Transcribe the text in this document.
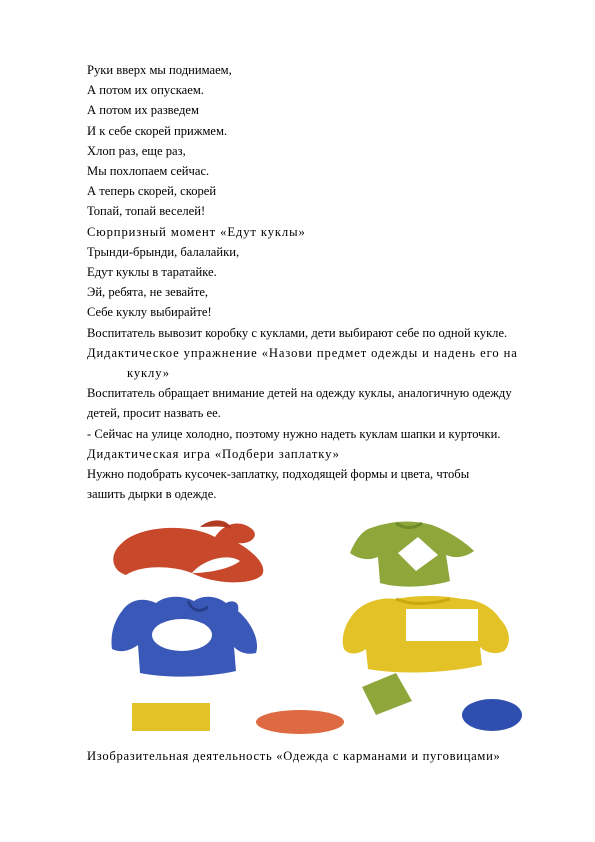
Руки вверх мы поднимаем,
А потом их опускаем.
А потом их разведем
И к себе скорей прижмем.
Хлоп раз, еще раз,
Мы похлопаем сейчас.
А теперь скорей, скорей
Топай, топай веселей!
Сюрпризный момент «Едут куклы»
Трынди-брынди, балалайки,
Едут куклы в таратайке.
Эй, ребята, не зевайте,
Себе куклу выбирайте!
Воспитатель вывозит коробку с куклами, дети выбирают себе по одной кукле.
Дидактическое упражнение «Назови предмет одежды и надень его на
куклу»
Воспитатель обращает внимание детей на одежду куклы, аналогичную одежду
детей, просит назвать ее.
- Сейчас на улице холодно, поэтому нужно надеть куклам шапки и курточки.
Дидактическая игра «Подбери заплатку»
Нужно подобрать кусочек-заплатку, подходящей формы и цвета, чтобы
зашить дырки в одежде.
Изобразительная деятельность «Одежда с карманами и пуговицами»
